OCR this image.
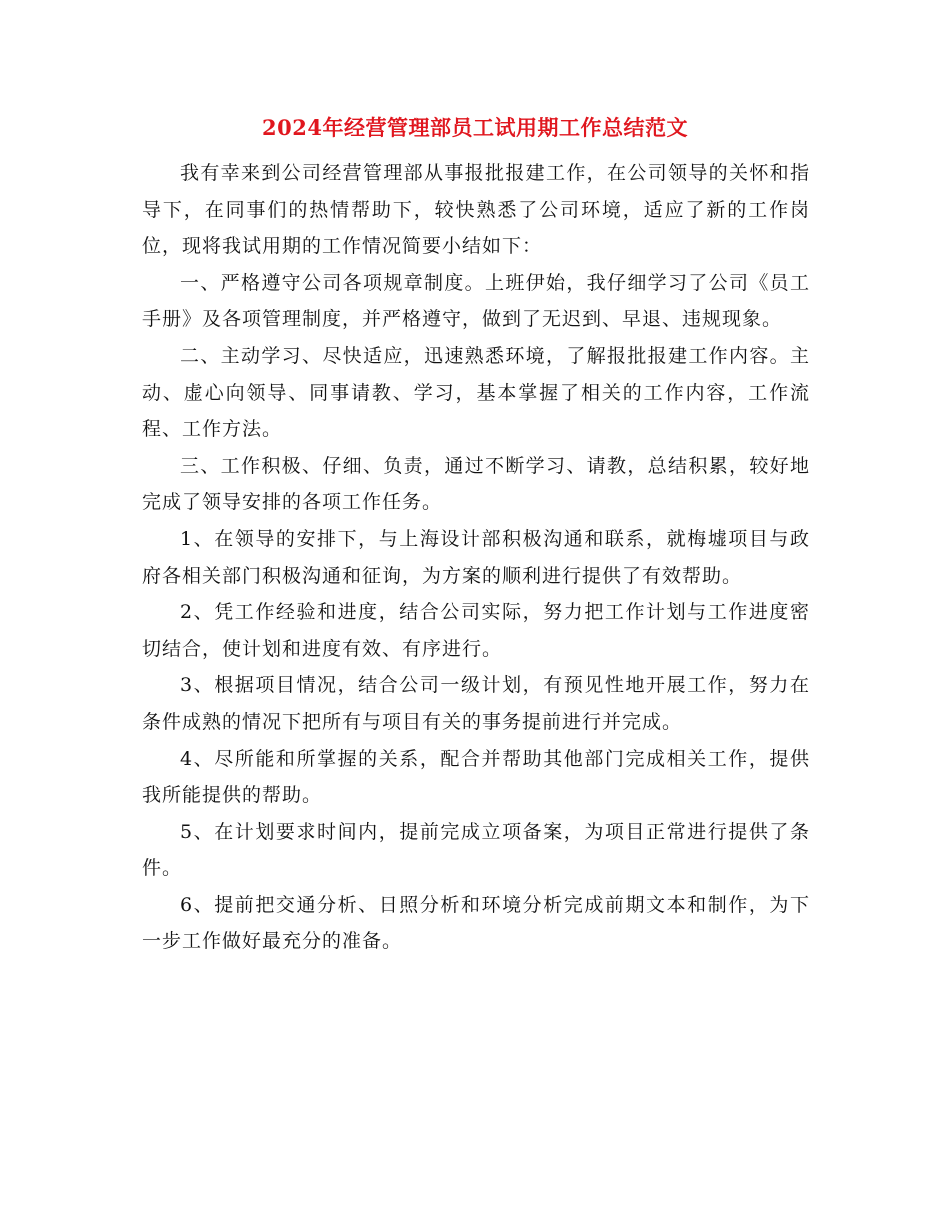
2024年经营管理部员工试用期工作总结范文

我有幸来到公司经营管理部从事报批报建工作，在公司领导的关怀和指导下，在同事们的热情帮助下，较快熟悉了公司环境，适应了新的工作岗位，现将我试用期的工作情况简要小结如下：

一、严格遵守公司各项规章制度。上班伊始，我仔细学习了公司《员工手册》及各项管理制度，并严格遵守，做到了无迟到、早退、违规现象。

二、主动学习、尽快适应，迅速熟悉环境，了解报批报建工作内容。主动、虚心向领导、同事请教、学习，基本掌握了相关的工作内容，工作流程、工作方法。

三、工作积极、仔细、负责，通过不断学习、请教，总结积累，较好地完成了领导安排的各项工作任务。

1、在领导的安排下，与上海设计部积极沟通和联系，就梅墟项目与政府各相关部门积极沟通和征询，为方案的顺利进行提供了有效帮助。

2、凭工作经验和进度，结合公司实际，努力把工作计划与工作进度密切结合，使计划和进度有效、有序进行。

3、根据项目情况，结合公司一级计划，有预见性地开展工作，努力在条件成熟的情况下把所有与项目有关的事务提前进行并完成。

4、尽所能和所掌握的关系，配合并帮助其他部门完成相关工作，提供我所能提供的帮助。

5、在计划要求时间内，提前完成立项备案，为项目正常进行提供了条件。

6、提前把交通分析、日照分析和环境分析完成前期文本和制作，为下一步工作做好最充分的准备。
